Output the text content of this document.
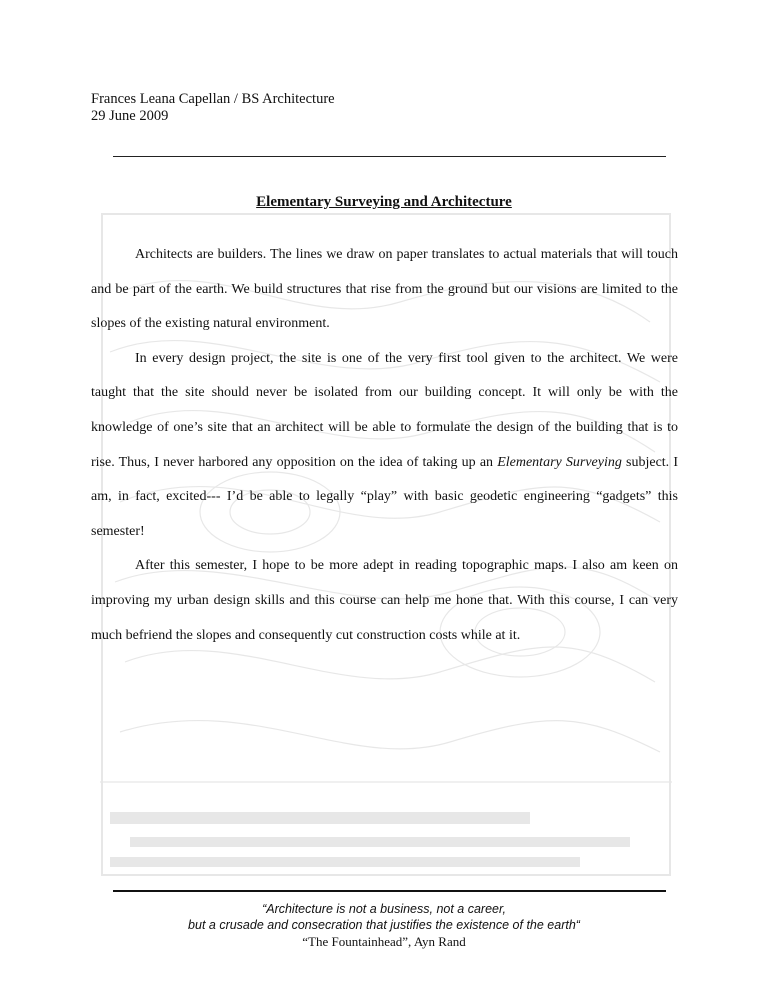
Frances Leana Capellan / BS Architecture

29 June 2009

Elementary Surveying and Architecture

Architects are builders. The lines we draw on paper translates to actual materials that will touch and be part of the earth. We build structures that rise from the ground but our visions are limited to the slopes of the existing natural environment.

In every design project, the site is one of the very first tool given to the architect. We were taught that the site should never be isolated from our building concept. It will only be with the knowledge of one’s site that an architect will be able to formulate the design of the building that is to rise. Thus, I never harbored any opposition on the idea of taking up an Elementary Surveying subject. I am, in fact, excited--- I’d be able to legally “play” with basic geodetic engineering “gadgets” this semester!

After this semester, I hope to be more adept in reading topographic maps. I also am keen on improving my urban design skills and this course can help me hone that. With this course, I can very much befriend the slopes and consequently cut construction costs while at it.

“Architecture is not a business, not a career,
but a crusade and consecration that justifies the existence of the earth“
“The Fountainhead”, Ayn Rand
